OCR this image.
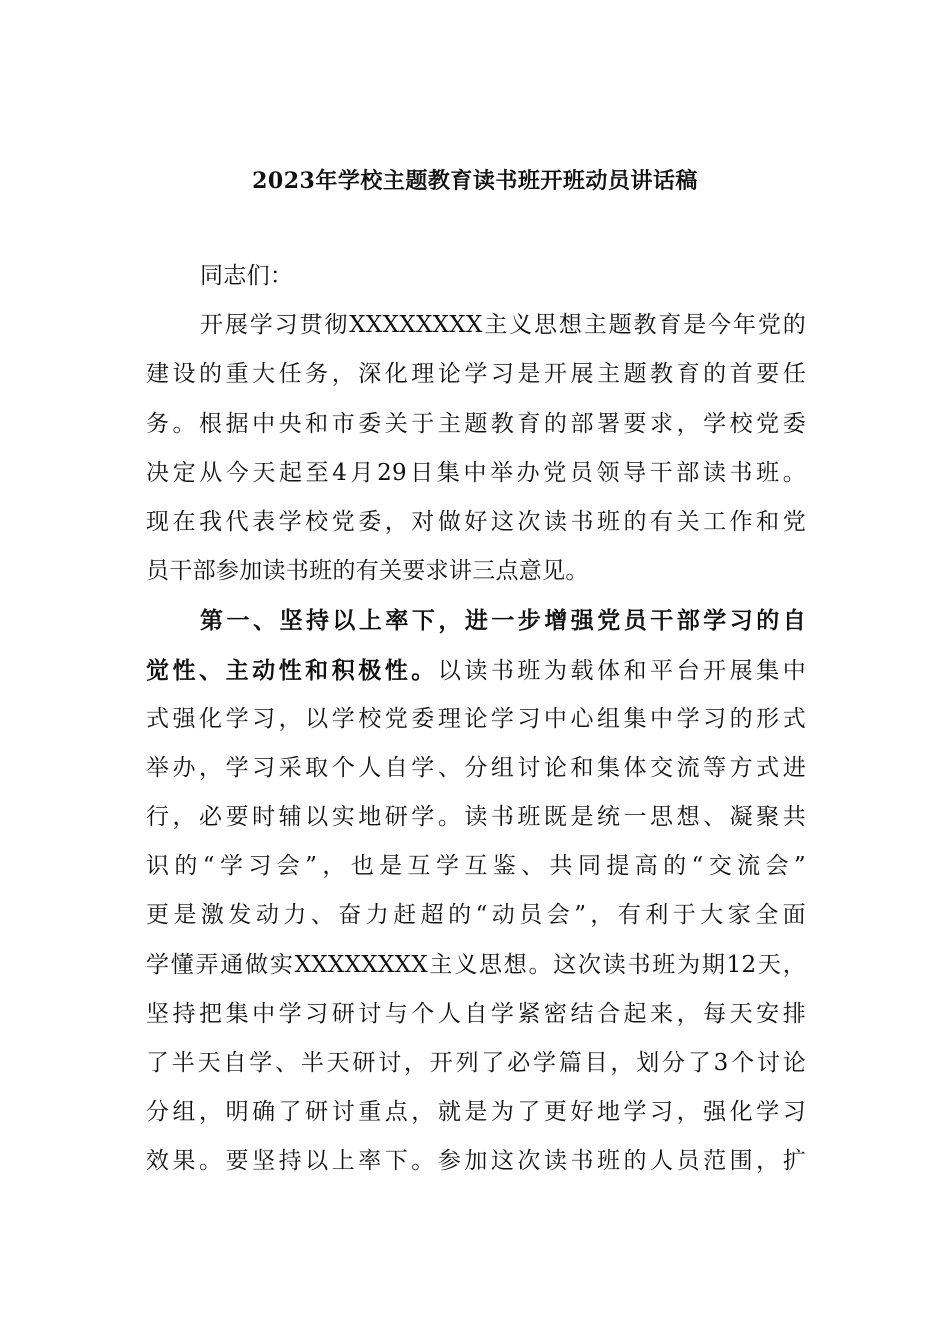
2023年学校主题教育读书班开班动员讲话稿
同志们：
开展学习贯彻XXXXXXXX主义思想主题教育是今年党的
建设的重大任务，深化理论学习是开展主题教育的首要任
务。根据中央和市委关于主题教育的部署要求，学校党委
决定从今天起至4月29日集中举办党员领导干部读书班。
现在我代表学校党委，对做好这次读书班的有关工作和党
员干部参加读书班的有关要求讲三点意见。
第一、坚持以上率下，进一步增强党员干部学习的自
觉性、主动性和积极性。以读书班为载体和平台开展集中
式强化学习，以学校党委理论学习中心组集中学习的形式
举办，学习采取个人自学、分组讨论和集体交流等方式进
行，必要时辅以实地研学。读书班既是统一思想、凝聚共
识的“学习会”，也是互学互鉴、共同提高的“交流会”
更是激发动力、奋力赶超的“动员会”，有利于大家全面
学懂弄通做实XXXXXXXX主义思想。这次读书班为期12天，
坚持把集中学习研讨与个人自学紧密结合起来，每天安排
了半天自学、半天研讨，开列了必学篇目，划分了3个讨论
分组，明确了研讨重点，就是为了更好地学习，强化学习
效果。要坚持以上率下。参加这次读书班的人员范围，扩
